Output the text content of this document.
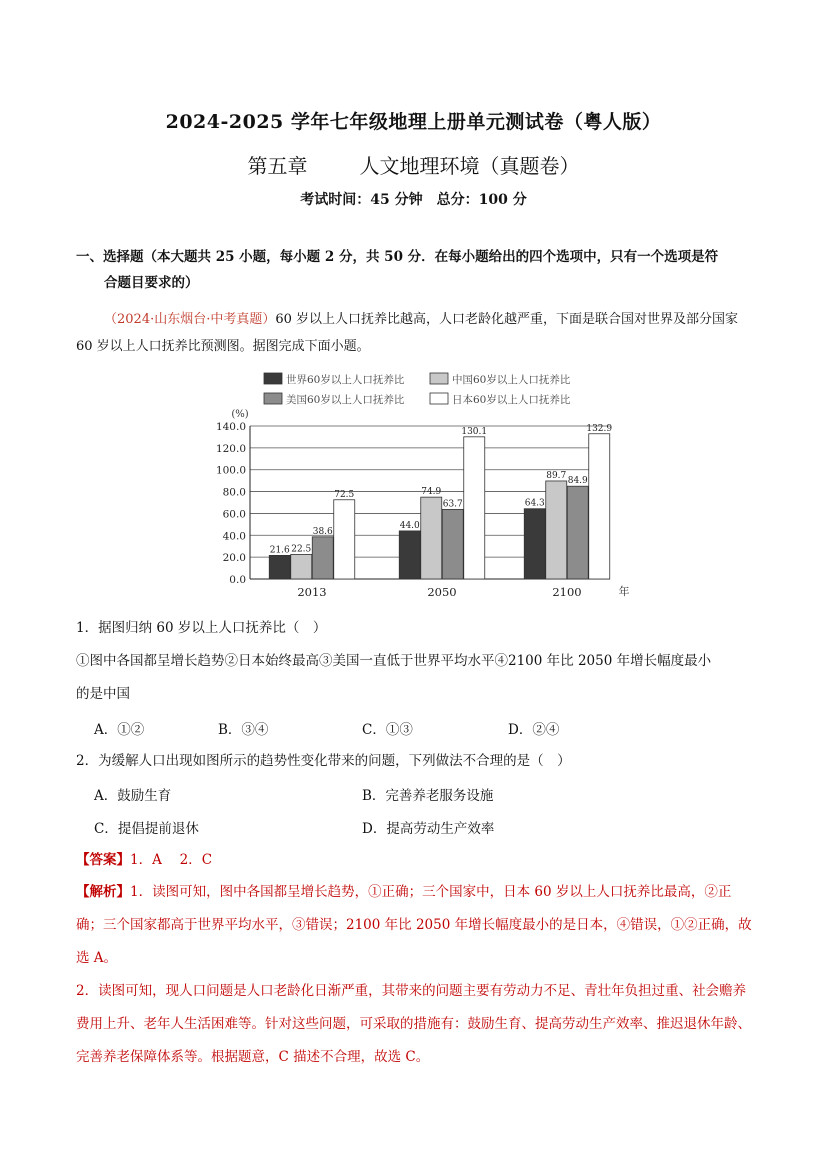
2024-2025 学年七年级地理上册单元测试卷（粤人版）
第五章	人文地理环境（真题卷）
考试时间：45 分钟　总分：100 分
一、选择题（本大题共 25 小题，每小题 2 分，共 50 分．在每小题给出的四个选项中，只有一个选项是符
合题目要求的）
（2024·山东烟台·中考真题）60 岁以上人口抚养比越高，人口老龄化越严重，下面是联合国对世界及部分国家 60 岁以上人口抚养比预测图。据图完成下面小题。
世界60岁以上人口抚养比	中国60岁以上人口抚养比
美国60岁以上人口抚养比	日本60岁以上人口抚养比
(%)
0.0
20.0
40.0
60.0
80.0
100.0
120.0
140.0
21.6 22.5
38.6
72.5
2013
44.0
74.9
63.7
130.1
2050
64.3
89.7
84.9
132.9
2100	年
1．据图归纳 60 岁以上人口抚养比（　）
①图中各国都呈增长趋势②日本始终最高③美国一直低于世界平均水平④2100 年比 2050 年增长幅度最小
的是中国
A．①②	B．③④	C．①③	D．②④
2．为缓解人口出现如图所示的趋势性变化带来的问题，下列做法不合理的是（　）
A．鼓励生育	B．完善养老服务设施
C．提倡提前退休	D．提高劳动生产效率
【答案】1．A　 2．C
【解析】1．读图可知，图中各国都呈增长趋势，①正确；三个国家中，日本 60 岁以上人口抚养比最高，②正确；三个国家都高于世界平均水平，③错误；2100 年比 2050 年增长幅度最小的是日本，④错误，①②正确，故选 A。
2．读图可知，现人口问题是人口老龄化日渐严重，其带来的问题主要有劳动力不足、青壮年负担过重、社会赡养费用上升、老年人生活困难等。针对这些问题，可采取的措施有：鼓励生育、提高劳动生产效率、推迟退休年龄、完善养老保障体系等。根据题意，C 描述不合理，故选 C。
